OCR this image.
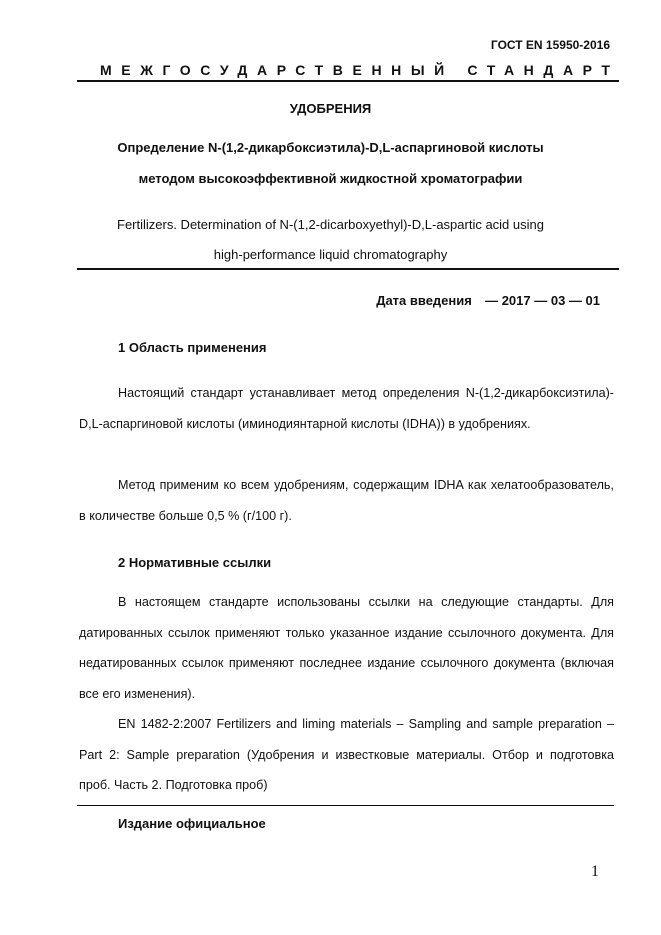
ГОСТ EN 15950-2016
МЕЖГОСУДАРСТВЕННЫЙ СТАНДАРТ
УДОБРЕНИЯ
Определение N-(1,2-дикарбоксиэтила)-D,L-аспаргиновой кислоты
методом высокоэффективной жидкостной хроматографии
Fertilizers. Determination of N-(1,2-dicarboxyethyl)-D,L-aspartic acid using
high-performance liquid chromatography
Дата введения — 2017 — 03 — 01
1 Область применения
Настоящий стандарт устанавливает метод определения N-(1,2-дикарбоксиэтила)-D,L-аспаргиновой кислоты (иминодиянтарной кислоты (IDHA)) в удобрениях.
Метод применим ко всем удобрениям, содержащим IDHA как хелатообразователь, в количестве больше 0,5 % (г/100 г).
2 Нормативные ссылки
В настоящем стандарте использованы ссылки на следующие стандарты. Для датированных ссылок применяют только указанное издание ссылочного документа. Для недатированных ссылок применяют последнее издание ссылочного документа (включая все его изменения).
EN 1482-2:2007 Fertilizers and liming materials – Sampling and sample preparation – Part 2: Sample preparation (Удобрения и известковые материалы. Отбор и подготовка проб. Часть 2. Подготовка проб)
Издание официальное
1
